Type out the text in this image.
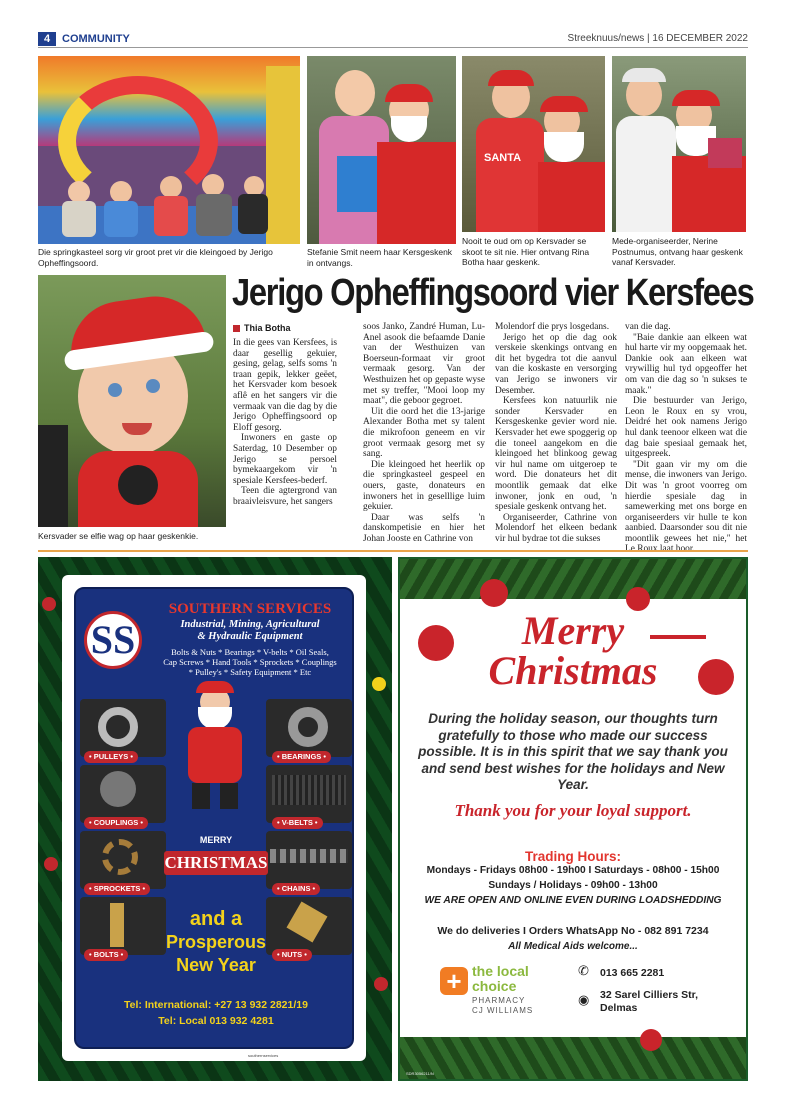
4	COMMUNITY	Streeknuus/news | 16 DECEMBER 2022
Die springkasteel sorg vir groot pret vir die kleingoed by Jerigo Opheffingsoord.
Stefanie Smit neem haar Kersgeskenk in ontvangs.
SANTA
Nooit te oud om op Kersvader se skoot te sit nie. Hier ontvang Rina Botha haar geskenk.
Mede-organiseerder, Nerine Postnumus, ontvang haar geskenk vanaf Kersvader.
Kersvader se elfie wag op haar geskenkie.
Jerigo Opheffingsoord vier Kersfees
Thia Botha

In die gees van Kersfees, is daar gesellig gekuier, gesing, gelag, selfs soms 'n traan gepik, lekker geëet, het Kersvader kom besoek aflê en het sangers vir die vermaak van die dag by die Jerigo Opheffingsoord op Eloff gesorg.

Inwoners en gaste op Saterdag, 10 Desember op Jerigo se persoel bymekaargekom vir 'n spesiale Kersfees-bederf.

Teen die agtergrond van braaivleisvure, het sangers

soos Janko, Zandré Human, Lu-Anel asook die befaamde Danie van der Westhuizen van Boerseun-formaat vir groot vermaak gesorg. Van der Westhuizen het op gepaste wyse met sy treffer, "Mooi loop my maat", die geboor gegroet.

Uit die oord het die 13-jarige Alexander Botha met sy talent die mikrofoon geneem en vir groot vermaak gesorg met sy sang.

Die kleingoed het heerlik op die springkasteel gespeel en ouers, gaste, donateurs en inwoners het in geselllige luim gekuier.

Daar was selfs 'n danskompetisie en hier het Johan Jooste en Cathrine von

Molendorf die prys losgedans.

Jerigo het op die dag ook verskeie skenkings ontvang en dit het bygedra tot die aanvul van die koskaste en versorging van Jerigo se inwoners vir Desember.

Kersfees kon natuurlik nie sonder Kersvader en Kersgeskenke gevier word nie. Kersvader het ewe spoggerig op die toneel aangekom en die kleingoed het blinkoog gewag vir hul name om uitgeroep te word. Die donateurs het dit moontlik gemaak dat elke inwoner, jonk en oud, 'n spesiale geskenk ontvang het.

Organiseerder, Cathrine von Molendorf het elkeen bedank vir hul bydrae tot die sukses

van die dag.

"Baie dankie aan elkeen wat hul harte vir my oopgemaak het. Dankie ook aan elkeen wat vrywillig hul tyd opgeoffer het om van die dag so 'n sukses te maak."

Die bestuurder van Jerigo, Leon le Roux en sy vrou, Deidré het ook namens Jerigo hul dank teenoor elkeen wat die dag baie spesiaal gemaak het, uitgespreek.

"Dit gaan vir my om die mense, die inwoners van Jerigo. Dit was 'n groot voorreg om hierdie spesiale dag in samewerking met ons borge en organiseerders vir hulle te kon aanbied. Daarsonder sou dit nie moontlik gewees het nie," het

SS
SOUTHERN SERVICES
Industrial, Mining, Agricultural
& Hydraulic Equipment
Bolts & Nuts * Bearings * V-belts * Oil Seals,
Cap Screws * Hand Tools * Sprockets * Couplings
* Pulley's * Safety Equipment * Etc
• PULLEYS •	• BEARINGS •
• COUPLINGS •	• V-BELTS •
• SPROCKETS •	• CHAINS •
• BOLTS •	• NUTS •
MERRY
CHRISTMAS
and a
Prosperous
New Year
Tel: International: +27 13 932 2821/19
Tel: Local 013 932 4281
southernservices
Merry
Christmas
During the holiday season, our thoughts turn gratefully to those who made our success possible. It is in this spirit that we say thank you and send best wishes for the holidays and New Year.
Thank you for your loyal support.
Trading Hours:
Mondays - Fridays 08h00 - 19h00 I Saturdays - 08h00 - 15h00
Sundays / Holidays - 09h00 - 13h00
WE ARE OPEN AND ONLINE EVEN DURING LOADSHEDDING
We do deliveries I Orders WhatsApp No - 082 891 7234
All Medical Aids welcome...
+ the local
choice
PHARMACY
CJ WILLIAMS
✆ 013 665 2281
◉ 32 Sarel Cilliers Str,
Delmas
SDR3056211/N
